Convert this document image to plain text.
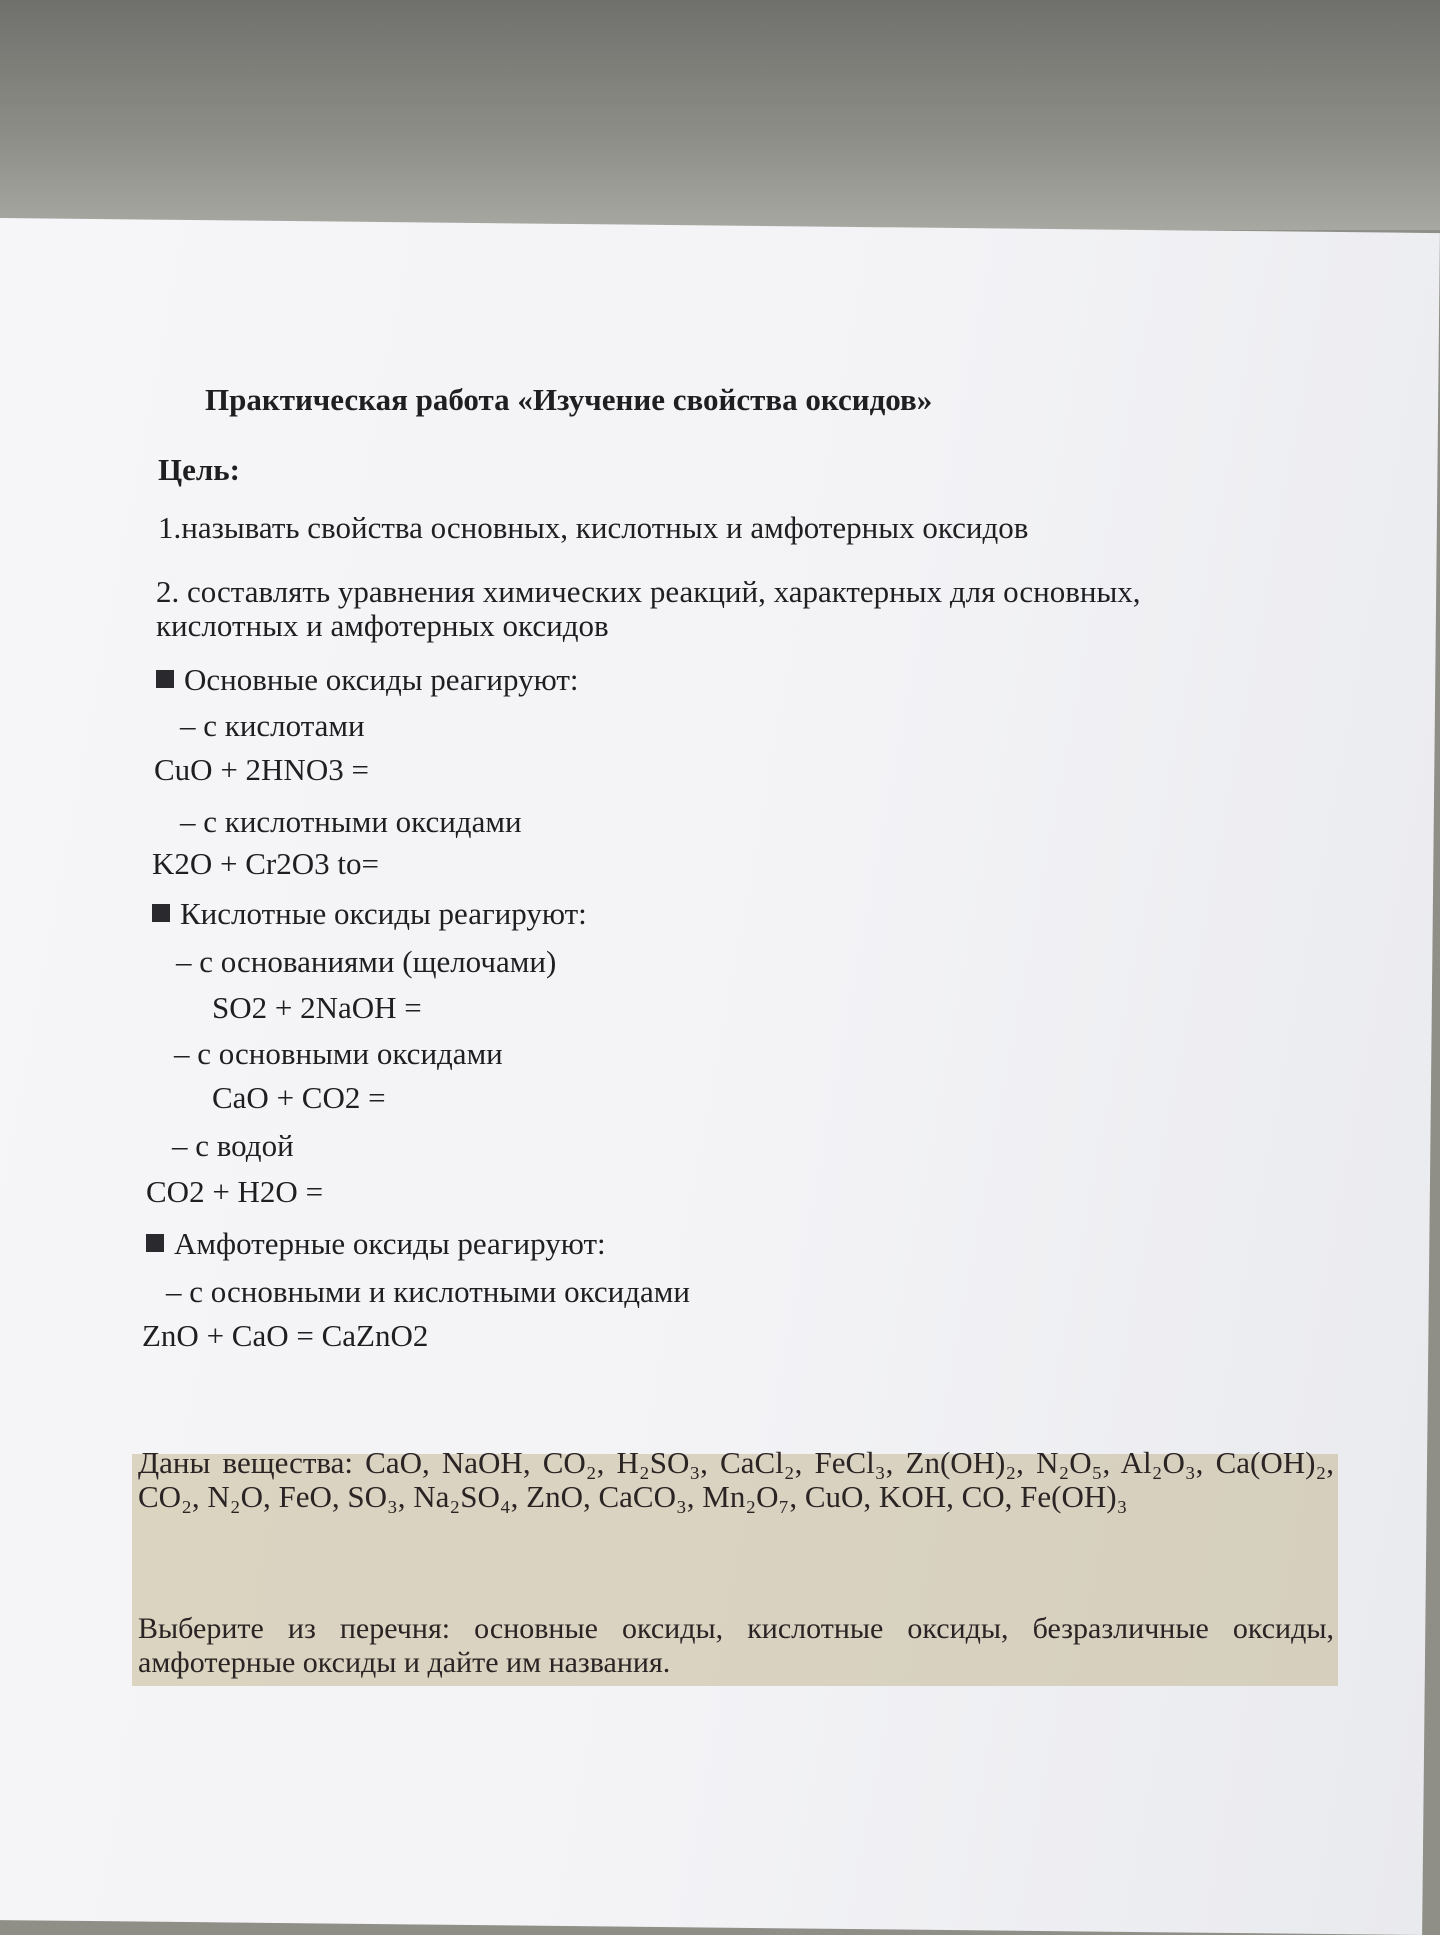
Практическая работа «Изучение свойства оксидов»
Цель:
1.называть свойства основных, кислотных и амфотерных оксидов
2. составлять уравнения химических реакций, характерных для основных,
кислотных и амфотерных оксидов
Основные оксиды реагируют:
– с кислотами
CuO + 2HNO3 =
– с кислотными оксидами
K2O + Cr2O3 to=
Кислотные оксиды реагируют:
– с основаниями (щелочами)
SO2 + 2NaOH =
– с основными оксидами
CaO + CO2 =
– с водой
CO2 + H2O =
Амфотерные оксиды реагируют:
– с основными и кислотными оксидами
ZnO + CaO = CaZnO2
Даны вещества: CaO, NaOH, CO₂, H₂SO₃, CaCl₂, FeCl₃, Zn(OH)₂, N₂O₅, Al₂O₃, Ca(OH)₂, CO₂, N₂O, FeO, SO₃, Na₂SO₄, ZnO, CaCO₃, Mn₂O₇, CuO, KOH, CO, Fe(OH)₃
Выберите из перечня: основные оксиды, кислотные оксиды, безразличные оксиды, амфотерные оксиды и дайте им названия.
